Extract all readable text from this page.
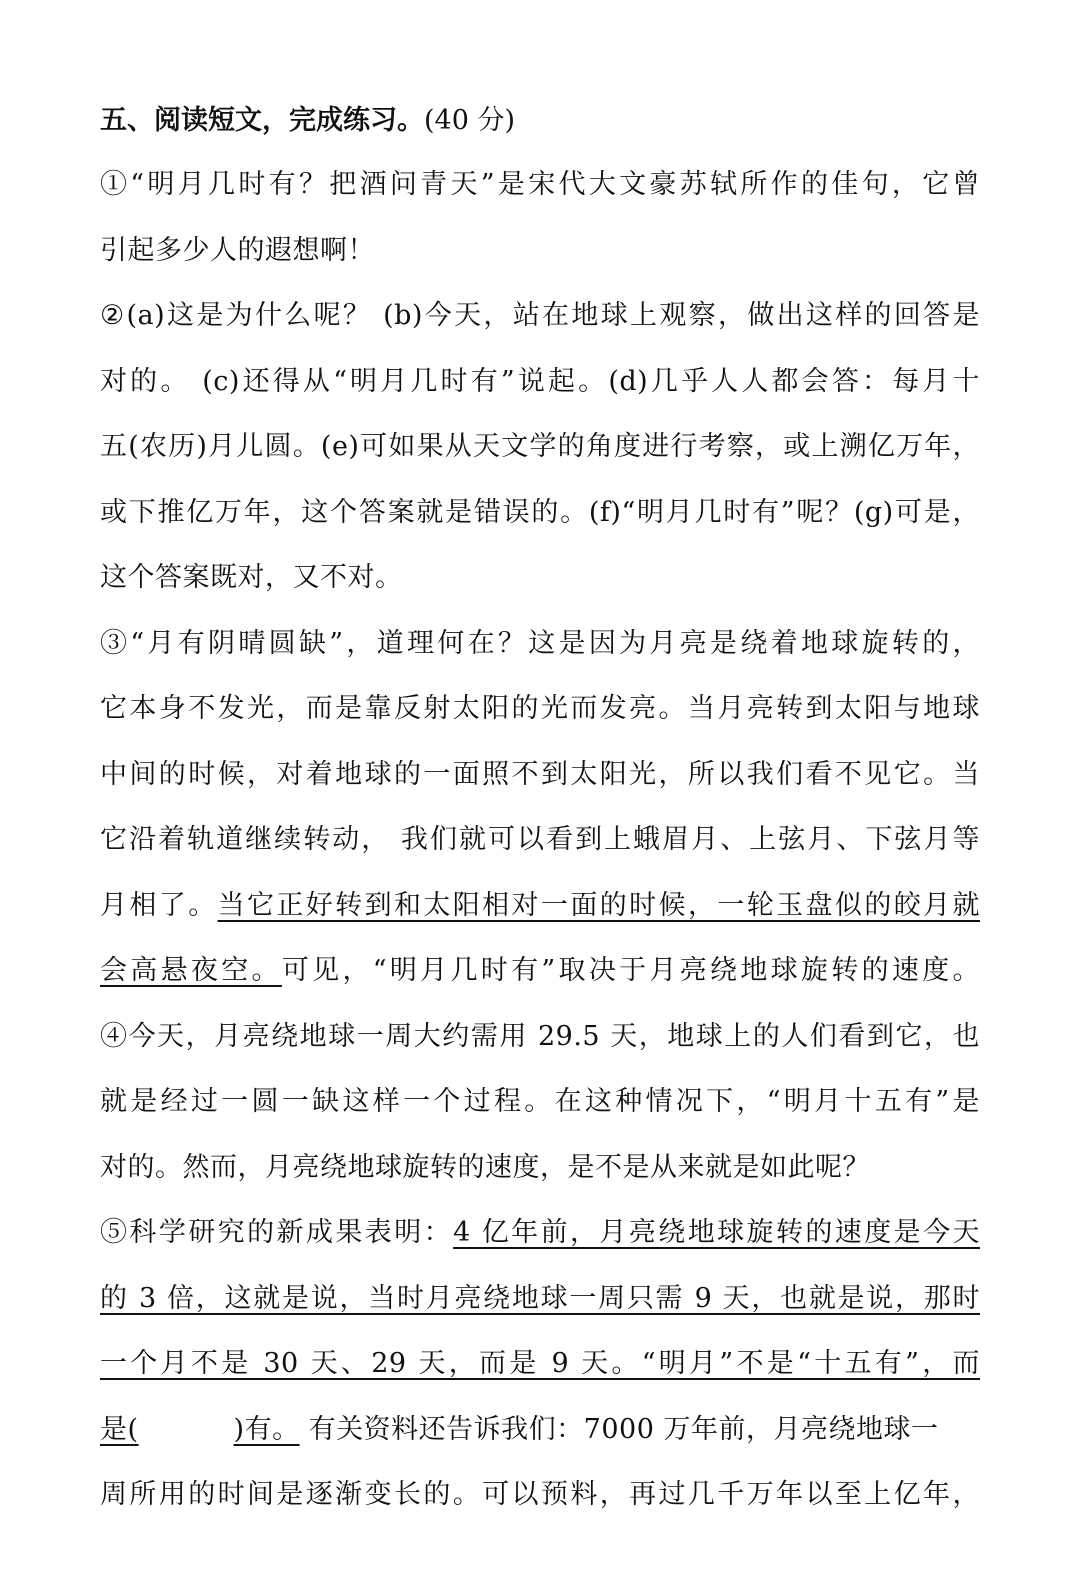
五、阅读短文，完成练习。(40 分)
①“明月几时有？把酒问青天”是宋代大文豪苏轼所作的佳句，它曾
引起多少人的遐想啊！
②(a)这是为什么呢？ (b)今天，站在地球上观察，做出这样的回答是
对的。 (c)还得从“明月几时有”说起。(d)几乎人人都会答：每月十
五(农历)月儿圆。(e)可如果从天文学的角度进行考察，或上溯亿万年，
或下推亿万年，这个答案就是错误的。(f)“明月几时有”呢？(g)可是，
这个答案既对，又不对。
③“月有阴晴圆缺”，道理何在？这是因为月亮是绕着地球旋转的，
它本身不发光，而是靠反射太阳的光而发亮。当月亮转到太阳与地球
中间的时候，对着地球的一面照不到太阳光，所以我们看不见它。当
它沿着轨道继续转动， 我们就可以看到上蛾眉月、上弦月、下弦月等
月相了。当它正好转到和太阳相对一面的时候，一轮玉盘似的皎月就
会高悬夜空。可见，“明月几时有”取决于月亮绕地球旋转的速度。
④今天，月亮绕地球一周大约需用 29.5 天，地球上的人们看到它，也
就是经过一圆一缺这样一个过程。在这种情况下，“明月十五有”是
对的。然而，月亮绕地球旋转的速度，是不是从来就是如此呢？
⑤科学研究的新成果表明：4 亿年前，月亮绕地球旋转的速度是今天
的 3 倍，这就是说，当时月亮绕地球一周只需 9 天，也就是说，那时
一个月不是 30 天、29 天，而是 9 天。“明月”不是“十五有”，而
是(	)有。 有关资料还告诉我们：7000 万年前，月亮绕地球一
周所用的时间是逐渐变长的。可以预料，再过几千万年以至上亿年，
